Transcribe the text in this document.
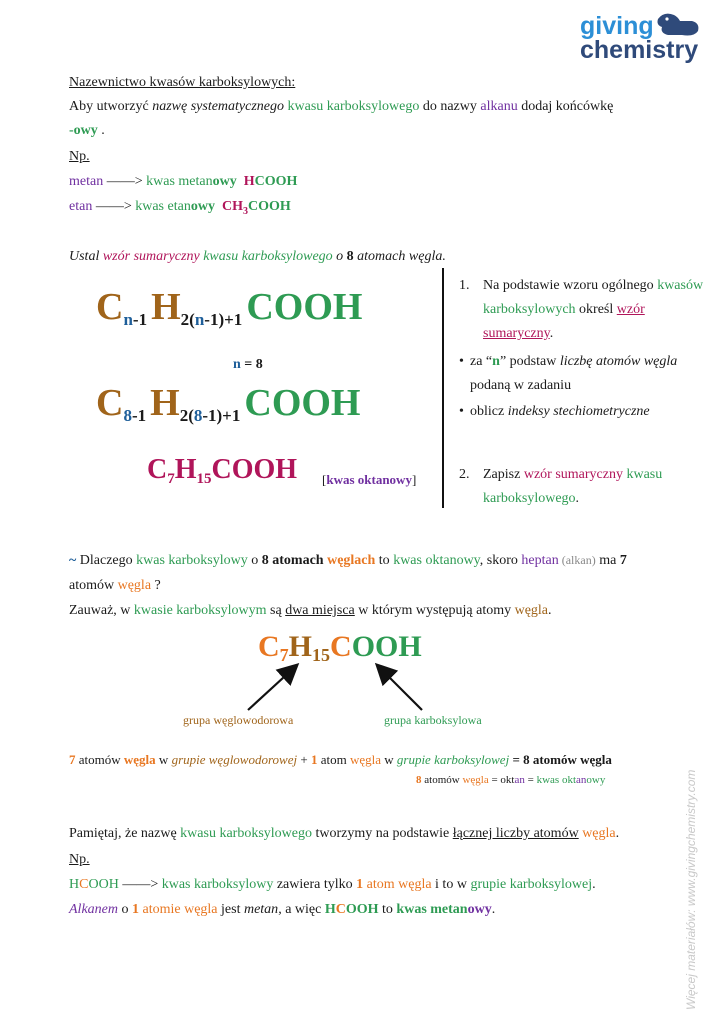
giving
chemistry
Nazewnictwo kwasów karboksylowych:
Aby utworzyć nazwę systematycznego kwasu karboksylowego do nazwy alkanu dodaj końcówkę
-owy .
Np.
metan ——> kwas metanowy HCOOH
etan ——> kwas etanowy $CH_3COOH$
Ustal wzór sumaryczny kwasu karboksylowego o 8 atomach węgla.
Cn-1 H2(n-1)+1 COOH
n = 8
C8-1 H2(8-1)+1 COOH
C7H15COOH [kwas oktanowy]
1. Na podstawie wzoru ogólnego kwasów
karboksylowych określ wzór
sumaryczny.
• za “n” podstaw liczbę atomów węgla
podaną w zadaniu
• oblicz indeksy stechiometryczne
2. Zapisz wzór sumaryczny kwasu
karboksylowego.
~ Dlaczego kwas karboksylowy o 8 atomach węglach to kwas oktanowy, skoro heptan (alkan) ma 7
atomów węgla ?
Zauważ, w kwasie karboksylowym są dwa miejsca w którym występują atomy węgla.
C7H15COOH
grupa węglowodorowa	grupa karboksylowa
7 atomów węgla w grupie węglowodorowej + 1 atom węgla w grupie karboksylowej = 8 atomów węgla
8 atomów węgla = oktan = kwas oktanowy
Pamiętaj, że nazwę kwasu karboksylowego tworzymy na podstawie łącznej liczby atomów węgla.
Np.
HCOOH ——> kwas karboksylowy zawiera tylko 1 atom węgla i to w grupie karboksylowej.
Alkanem o 1 atomie węgla jest metan, a więc HCOOH to kwas metanowy.	Więcej materiałów: www.givingchemistry.com
